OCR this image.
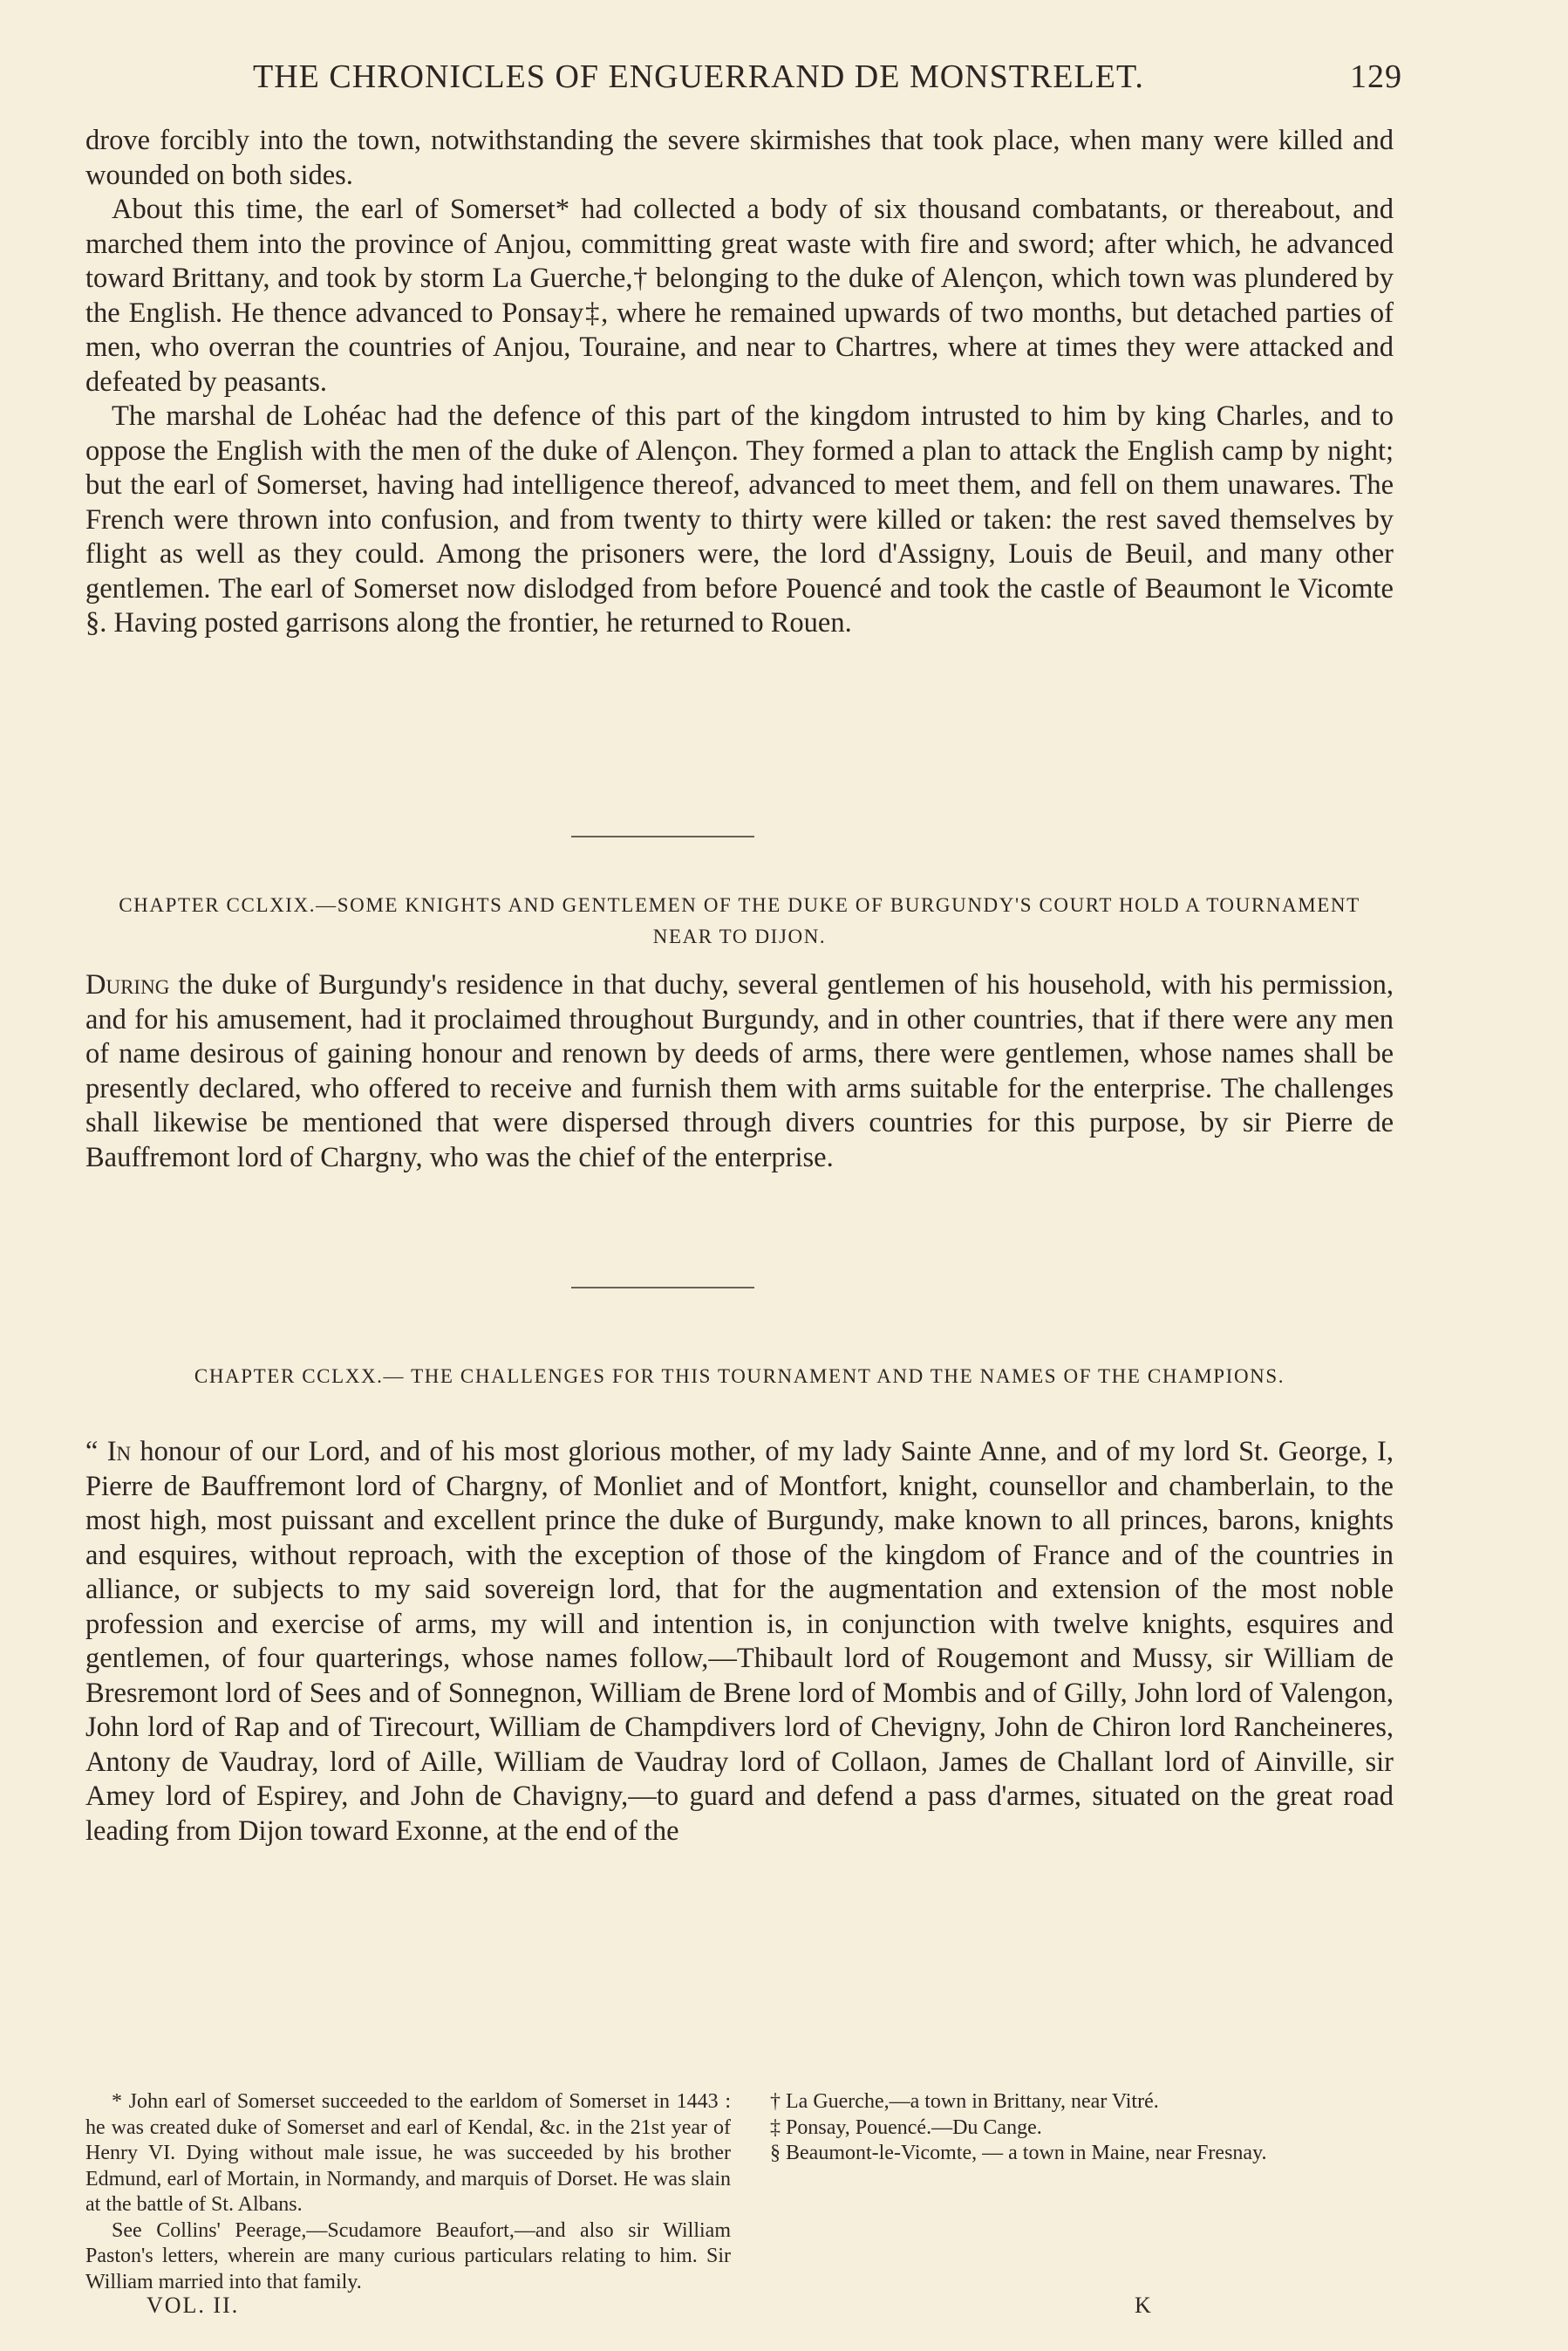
THE CHRONICLES OF ENGUERRAND DE MONSTRELET.	129

drove forcibly into the town, notwithstanding the severe skirmishes that took place, when many were killed and wounded on both sides.

About this time, the earl of Somerset* had collected a body of six thousand combatants, or thereabout, and marched them into the province of Anjou, committing great waste with fire and sword; after which, he advanced toward Brittany, and took by storm La Guerche,† belonging to the duke of Alençon, which town was plundered by the English. He thence advanced to Ponsay‡, where he remained upwards of two months, but detached parties of men, who overran the countries of Anjou, Touraine, and near to Chartres, where at times they were attacked and defeated by peasants.

The marshal de Lohéac had the defence of this part of the kingdom intrusted to him by king Charles, and to oppose the English with the men of the duke of Alençon. They formed a plan to attack the English camp by night; but the earl of Somerset, having had intelligence thereof, advanced to meet them, and fell on them unawares. The French were thrown into confusion, and from twenty to thirty were killed or taken: the rest saved themselves by flight as well as they could. Among the prisoners were, the lord d'Assigny, Louis de Beuil, and many other gentlemen. The earl of Somerset now dislodged from before Pouencé and took the castle of Beaumont le Vicomte §. Having posted garrisons along the frontier, he returned to Rouen.

CHAPTER CCLXIX.—SOME KNIGHTS AND GENTLEMEN OF THE DUKE OF BURGUNDY'S COURT HOLD A TOURNAMENT NEAR TO DIJON.

During the duke of Burgundy's residence in that duchy, several gentlemen of his household, with his permission, and for his amusement, had it proclaimed throughout Burgundy, and in other countries, that if there were any men of name desirous of gaining honour and renown by deeds of arms, there were gentlemen, whose names shall be presently declared, who offered to receive and furnish them with arms suitable for the enterprise. The challenges shall likewise be mentioned that were dispersed through divers countries for this purpose, by sir Pierre de Bauffremont lord of Chargny, who was the chief of the enterprise.

CHAPTER CCLXX.— THE CHALLENGES FOR THIS TOURNAMENT AND THE NAMES OF THE CHAMPIONS.

“ In honour of our Lord, and of his most glorious mother, of my lady Sainte Anne, and of my lord St. George, I, Pierre de Bauffremont lord of Chargny, of Monliet and of Montfort, knight, counsellor and chamberlain, to the most high, most puissant and excellent prince the duke of Burgundy, make known to all princes, barons, knights and esquires, without reproach, with the exception of those of the kingdom of France and of the countries in alliance, or subjects to my said sovereign lord, that for the augmentation and extension of the most noble profession and exercise of arms, my will and intention is, in conjunction with twelve knights, esquires and gentlemen, of four quarterings, whose names follow,—Thibault lord of Rougemont and Mussy, sir William de Bresremont lord of Sees and of Sonnegnon, William de Brene lord of Mombis and of Gilly, John lord of Valengon, John lord of Rap and of Tirecourt, William de Champdivers lord of Chevigny, John de Chiron lord Rancheineres, Antony de Vaudray, lord of Aille, William de Vaudray lord of Collaon, James de Challant lord of Ainville, sir Amey lord of Espirey, and John de Chavigny,—to guard and defend a pass d'armes, situated on the great road leading from Dijon toward Exonne, at the end of the

* John earl of Somerset succeeded to the earldom of Somerset in 1443 : he was created duke of Somerset and earl of Kendal, &c. in the 21st year of Henry VI. Dying without male issue, he was succeeded by his brother Edmund, earl of Mortain, in Normandy, and marquis of Dorset. He was slain at the battle of St. Albans.

See Collins' Peerage,—Scudamore Beaufort,—and also sir William Paston's letters, wherein are many curious particulars relating to him. Sir William married into that family.

† La Guerche,—a town in Brittany, near Vitré.

‡ Ponsay, Pouencé.—Du Cange.

§ Beaumont-le-Vicomte, — a town in Maine, near Fresnay.

VOL. II.	K
